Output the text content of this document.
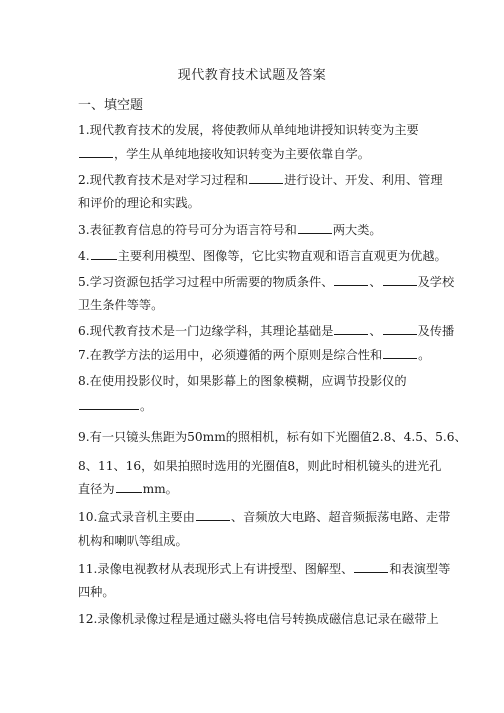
现代教育技术试题及答案
一、填空题
1.现代教育技术的发展，将使教师从单纯地讲授知识转变为主要
，学生从单纯地接收知识转变为主要依靠自学。
2.现代教育技术是对学习过程和	进行设计、开发、利用、管理
和评价的理论和实践。
3.表征教育信息的符号可分为语言符号和	两大类。
4. 主要利用模型、图像等，它比实物直观和语言直观更为优越。
5.学习资源包括学习过程中所需要的物质条件、	、	及学校
卫生条件等等。
6.现代教育技术是一门边缘学科，其理论基础是	、	及传播
7.在教学方法的运用中，必须遵循的两个原则是综合性和	。
8.在使用投影仪时，如果影幕上的图象模糊，应调节投影仪的
。
9.有一只镜头焦距为50mm的照相机，标有如下光圈值2.8、4.5、5.6、
8、11、16，如果拍照时选用的光圈值8，则此时相机镜头的进光孔
直径为 mm。
10.盒式录音机主要由	、音频放大电路、超音频振荡电路、走带
机构和喇叭等组成。
11.录像电视教材从表现形式上有讲授型、图解型、	和表演型等
四种。
12.录像机录像过程是通过磁头将电信号转换成磁信息记录在磁带上
